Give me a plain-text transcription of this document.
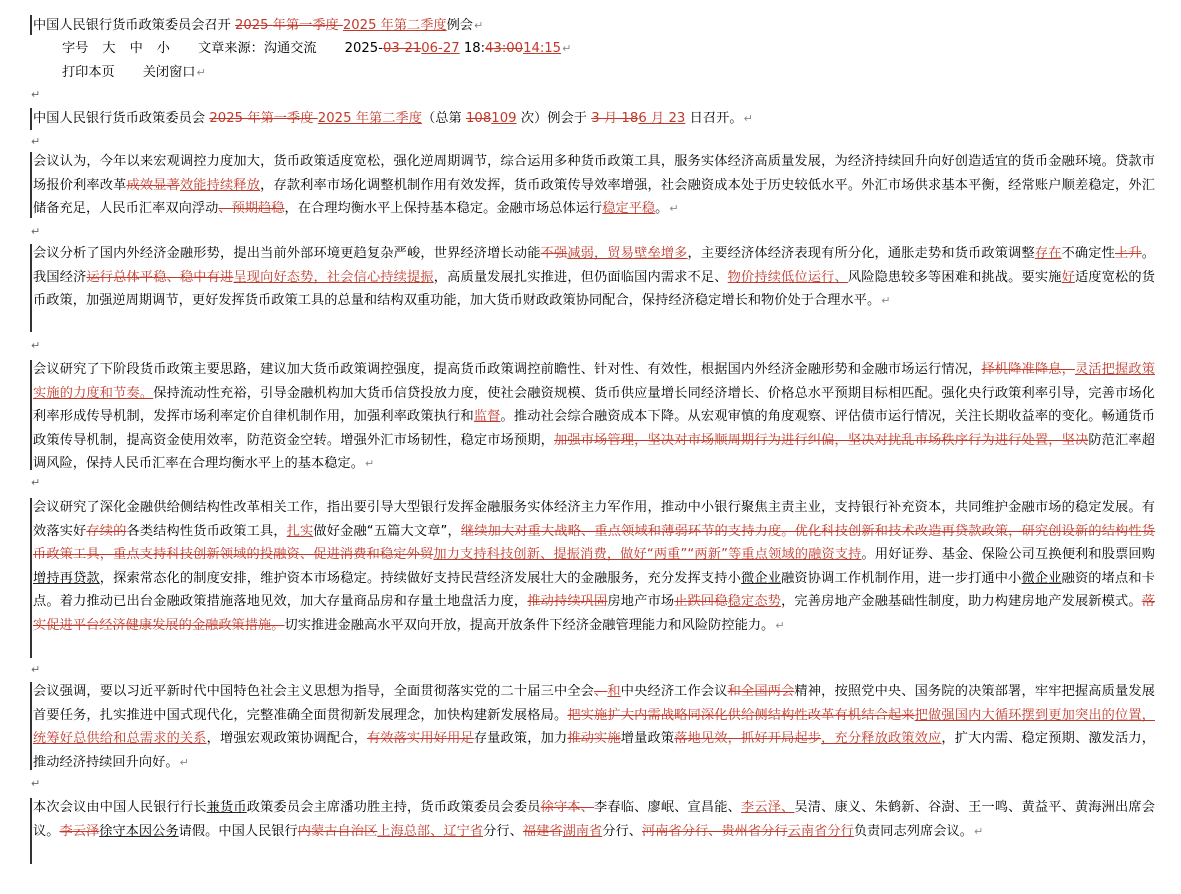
中国人民银行货币政策委员会召开 2025 年第一季度 2025 年第二季度例会↵
字号 大 中 小 文章来源：沟通交流 2025-03-2106-27 18:43:0014:15↵
打印本页 关闭窗口↵
↵
中国人民银行货币政策委员会 2025 年第一季度 2025 年第二季度（总第 108109 次）例会于 3 月 186 月 23 日召开。↵
↵
会议认为，今年以来宏观调控力度加大，货币政策适度宽松，强化逆周期调节，综合运用多种货币政策工具，服务实体经济高质量发展，为经济持续回升向好创造适宜的货币金融环境。贷款市场报价利率改革成效显著效能持续释放，存款利率市场化调整机制作用有效发挥，货币政策传导效率增强，社会融资成本处于历史较低水平。外汇市场供求基本平衡，经常账户顺差稳定，外汇储备充足，人民币汇率双向浮动、预期趋稳，在合理均衡水平上保持基本稳定。金融市场总体运行稳定平稳。↵
↵
会议分析了国内外经济金融形势，提出当前外部环境更趋复杂严峻，世界经济增长动能不强减弱，贸易壁垒增多，主要经济体经济表现有所分化，通胀走势和货币政策调整存在不确定性上升。我国经济运行总体平稳、稳中有进呈现向好态势，社会信心持续提振，高质量发展扎实推进，但仍面临国内需求不足、物价持续低位运行、风险隐患较多等困难和挑战。要实施好适度宽松的货币政策，加强逆周期调节，更好发挥货币政策工具的总量和结构双重功能，加大货币财政政策协同配合，保持经济稳定增长和物价处于合理水平。↵
↵
会议研究了下阶段货币政策主要思路，建议加大货币政策调控强度，提高货币政策调控前瞻性、针对性、有效性，根据国内外经济金融形势和金融市场运行情况，择机降准降息，灵活把握政策实施的力度和节奏。保持流动性充裕，引导金融机构加大货币信贷投放力度，使社会融资规模、货币供应量增长同经济增长、价格总水平预期目标相匹配。强化央行政策利率引导，完善市场化利率形成传导机制，发挥市场利率定价自律机制作用，加强利率政策执行和监督。推动社会综合融资成本下降。从宏观审慎的角度观察、评估债市运行情况，关注长期收益率的变化。畅通货币政策传导机制，提高资金使用效率，防范资金空转。增强外汇市场韧性，稳定市场预期，加强市场管理，坚决对市场顺周期行为进行纠偏，坚决对扰乱市场秩序行为进行处置，坚决防范汇率超调风险，保持人民币汇率在合理均衡水平上的基本稳定。↵
↵
会议研究了深化金融供给侧结构性改革相关工作，指出要引导大型银行发挥金融服务实体经济主力军作用，推动中小银行聚焦主责主业，支持银行补充资本，共同维护金融市场的稳定发展。有效落实好存续的各类结构性货币政策工具，扎实做好金融“五篇大文章”，继续加大对重大战略、重点领域和薄弱环节的支持力度。优化科技创新和技术改造再贷款政策，研究创设新的结构性货币政策工具，重点支持科技创新领域的投融资、促进消费和稳定外贸加力支持科技创新、提振消费，做好“两重”“两新”等重点领域的融资支持。用好证券、基金、保险公司互换便利和股票回购增持再贷款，探索常态化的制度安排，维护资本市场稳定。持续做好支持民营经济发展壮大的金融服务，充分发挥支持小微企业融资协调工作机制作用，进一步打通中小微企业融资的堵点和卡点。着力推动已出台金融政策措施落地见效，加大存量商品房和存量土地盘活力度，推动持续巩固房地产市场止跌回稳稳定态势，完善房地产金融基础性制度，助力构建房地产发展新模式。落实促进平台经济健康发展的金融政策措施。切实推进金融高水平双向开放，提高开放条件下经济金融管理能力和风险防控能力。↵
↵
会议强调，要以习近平新时代中国特色社会主义思想为指导，全面贯彻落实党的二十届三中全会、和中央经济工作会议和全国两会精神，按照党中央、国务院的决策部署，牢牢把握高质量发展首要任务，扎实推进中国式现代化，完整准确全面贯彻新发展理念，加快构建新发展格局。把实施扩大内需战略同深化供给侧结构性改革有机结合起来把做强国内大循环摆到更加突出的位置，统筹好总供给和总需求的关系，增强宏观政策协调配合，有效落实用好用足存量政策，加力推动实施增量政策落地见效，抓好开局起步，充分释放政策效应，扩大内需、稳定预期、激发活力，推动经济持续回升向好。↵
↵
本次会议由中国人民银行行长兼货币政策委员会主席潘功胜主持，货币政策委员会委员徐守本、李春临、廖岷、宣昌能、李云泽、吴清、康义、朱鹤新、谷澍、王一鸣、黄益平、黄海洲出席会议。李云泽徐守本因公务请假。中国人民银行内蒙古自治区上海总部、辽宁省分行、福建省湖南省分行、河南省分行、贵州省分行云南省分行负责同志列席会议。↵
